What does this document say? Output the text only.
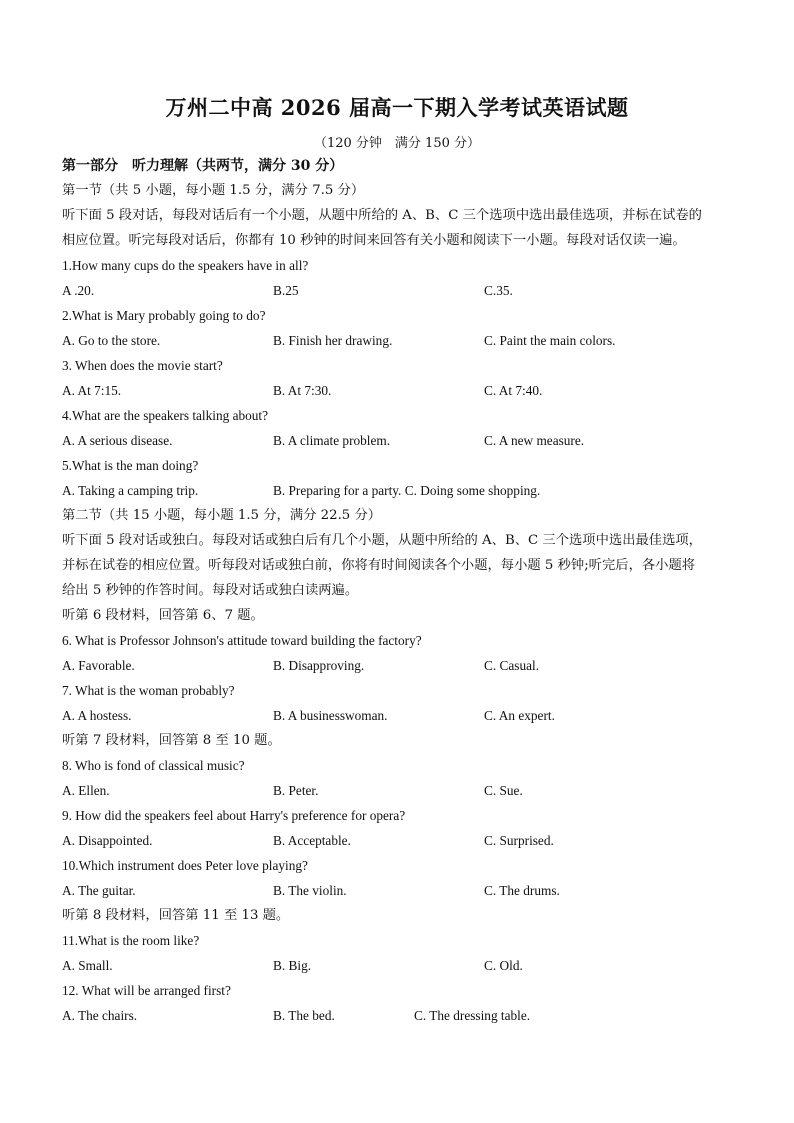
万州二中高 2026 届高一下期入学考试英语试题
（120 分钟　满分 150 分）
第一部分　听力理解（共两节，满分 30 分）
第一节（共 5 小题，每小题 1.5 分，满分 7.5 分）
听下面 5 段对话，每段对话后有一个小题，从题中所给的 A、B、C 三个选项中选出最佳选项，并标在试卷的
相应位置。听完每段对话后，你都有 10 秒钟的时间来回答有关小题和阅读下一小题。每段对话仅读一遍。
1.How many cups do the speakers have in all?
A .20.	B.25	C.35.
2.What is Mary probably going to do?
A. Go to the store.	B. Finish her drawing.	C. Paint the main colors.
3. When does the movie start?
A. At 7:15.	B. At 7:30.	C. At 7:40.
4.What are the speakers talking about?
A. A serious disease.	B. A climate problem.	C. A new measure.
5.What is the man doing?
A. Taking a camping trip.	B. Preparing for a party. C. Doing some shopping.
第二节（共 15 小题，每小题 1.5 分，满分 22.5 分）
听下面 5 段对话或独白。每段对话或独白后有几个小题，从题中所给的 A、B、C 三个选项中选出最佳选项，
并标在试卷的相应位置。听每段对话或独白前，你将有时间阅读各个小题，每小题 5 秒钟;听完后，各小题将
给出 5 秒钟的作答时间。每段对话或独白读两遍。
听第 6 段材料，回答第 6、7 题。
6. What is Professor Johnson's attitude toward building the factory?
A. Favorable.	B. Disapproving.	C. Casual.
7. What is the woman probably?
A. A hostess.	B. A businesswoman.	C. An expert.
听第 7 段材料，回答第 8 至 10 题。
8. Who is fond of classical music?
A. Ellen.	B. Peter.	C. Sue.
9. How did the speakers feel about Harry's preference for opera?
A. Disappointed.	B. Acceptable.	C. Surprised.
10.Which instrument does Peter love playing?
A. The guitar.	B. The violin.	C. The drums.
听第 8 段材料，回答第 11 至 13 题。
11.What is the room like?
A. Small.	B. Big.	C. Old.
12. What will be arranged first?
A. The chairs.	B. The bed.	C. The dressing table.
